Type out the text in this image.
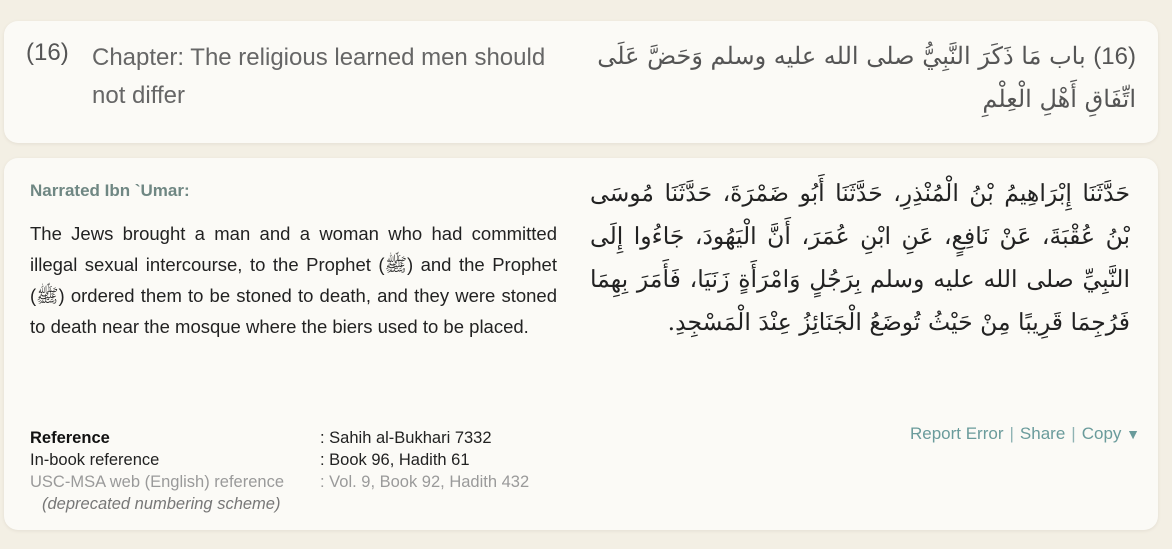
(16) Chapter: The religious learned men should not differ
(16) باب مَا ذَكَرَ النَّبِيُّ صلى الله عليه وسلم وَحَضَّ عَلَى اتِّفَاقِ أَهْلِ الْعِلْمِ
Narrated Ibn `Umar:
The Jews brought a man and a woman who had committed illegal sexual intercourse, to the Prophet (ﷺ) and the Prophet (ﷺ) ordered them to be stoned to death, and they were stoned to death near the mosque where the biers used to be placed.
حَدَّثَنَا إِبْرَاهِيمُ بْنُ الْمُنْذِرِ، حَدَّثَنَا أَبُو ضَمْرَةَ، حَدَّثَنَا مُوسَى بْنُ عُقْبَةَ، عَنْ نَافِعٍ، عَنِ ابْنِ عُمَرَ، أَنَّ الْيَهُودَ، جَاءُوا إِلَى النَّبِيِّ صلى الله عليه وسلم بِرَجُلٍ وَامْرَأَةٍ زَنَيَا، فَأَمَرَ بِهِمَا فَرُجِمَا قَرِيبًا مِنْ حَيْثُ تُوضَعُ الْجَنَائِزُ عِنْدَ الْمَسْجِدِ.
Reference	: Sahih al-Bukhari 7332
In-book reference	: Book 96, Hadith 61
USC-MSA web (English) reference	: Vol. 9, Book 92, Hadith 432
(deprecated numbering scheme)
Report Error | Share | Copy ▼
